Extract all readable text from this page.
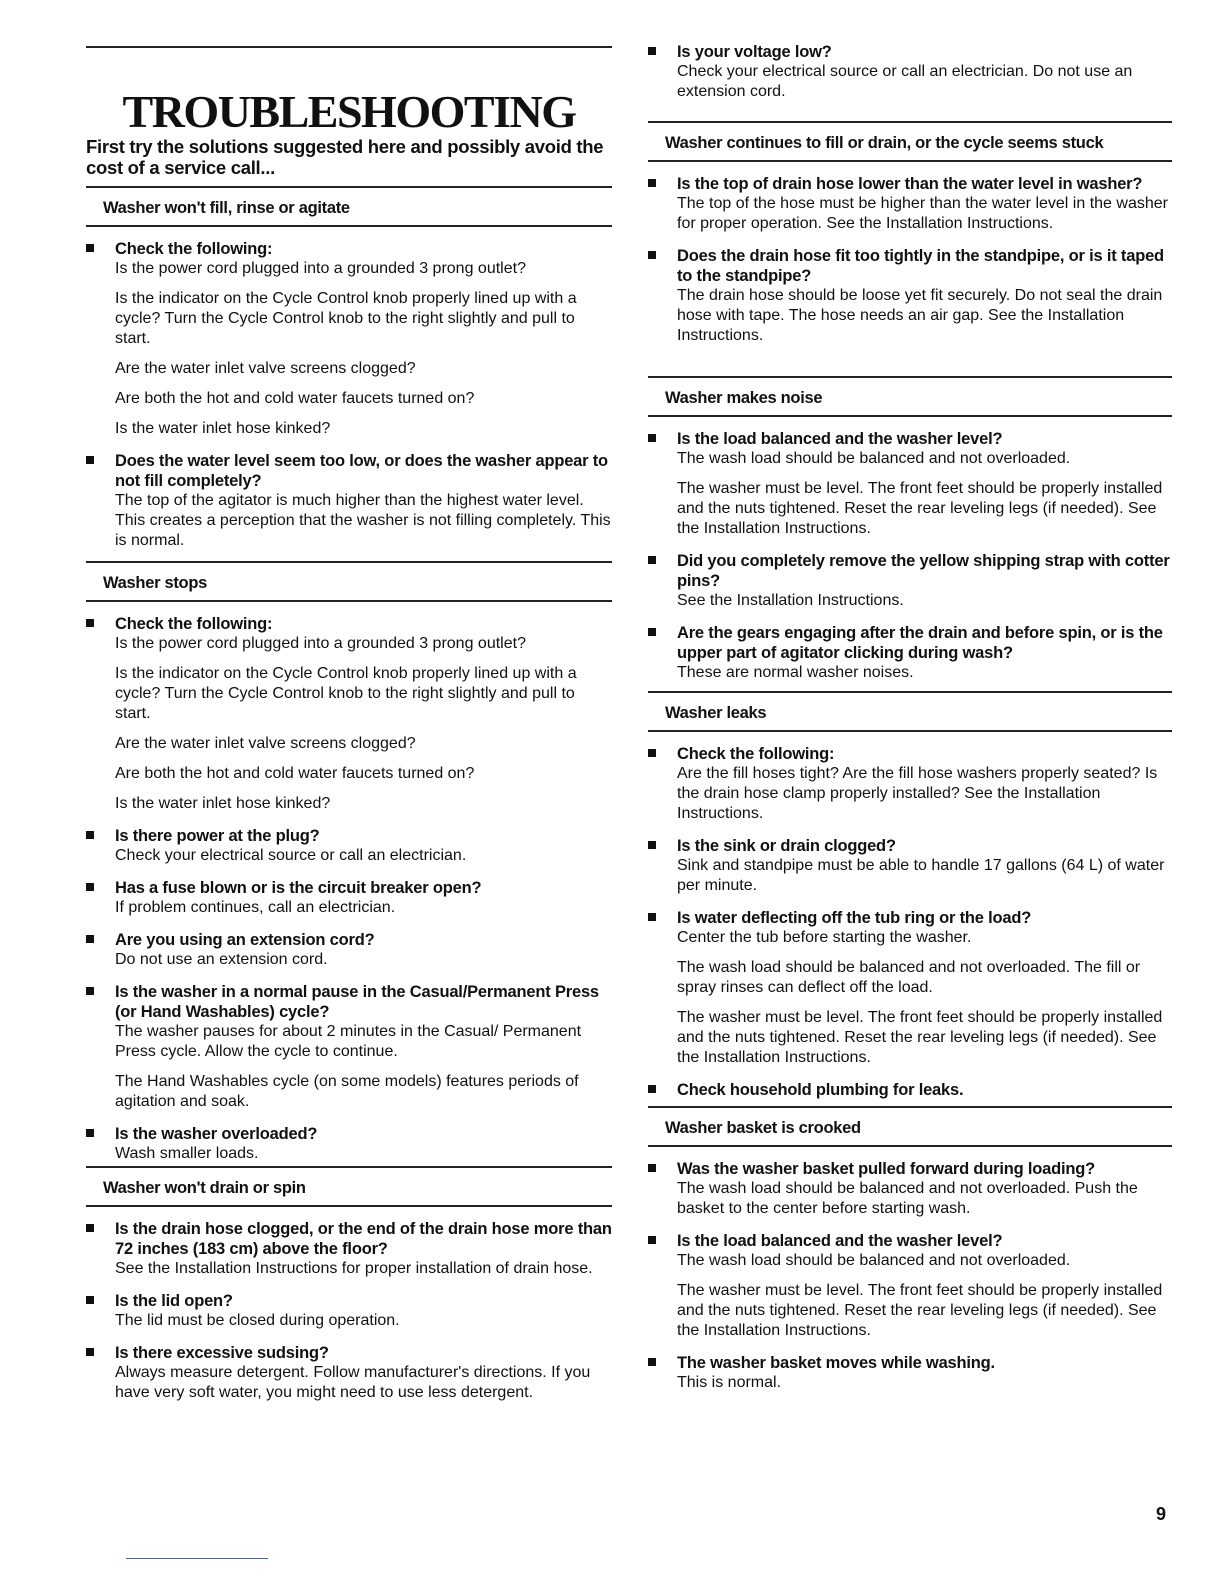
TROUBLESHOOTING
First try the solutions suggested here and possibly avoid the cost of a service call...
Washer won't fill, rinse or agitate
Check the following:
Is the power cord plugged into a grounded 3 prong outlet?
Is the indicator on the Cycle Control knob properly lined up with a cycle? Turn the Cycle Control knob to the right slightly and pull to start.
Are the water inlet valve screens clogged?
Are both the hot and cold water faucets turned on?
Is the water inlet hose kinked?
Does the water level seem too low, or does the washer appear to not fill completely?
The top of the agitator is much higher than the highest water level. This creates a perception that the washer is not filling completely. This is normal.
Washer stops
Check the following:
Is the power cord plugged into a grounded 3 prong outlet?
Is the indicator on the Cycle Control knob properly lined up with a cycle? Turn the Cycle Control knob to the right slightly and pull to start.
Are the water inlet valve screens clogged?
Are both the hot and cold water faucets turned on?
Is the water inlet hose kinked?
Is there power at the plug?
Check your electrical source or call an electrician.
Has a fuse blown or is the circuit breaker open?
If problem continues, call an electrician.
Are you using an extension cord?
Do not use an extension cord.
Is the washer in a normal pause in the Casual/Permanent Press (or Hand Washables) cycle?
The washer pauses for about 2 minutes in the Casual/ Permanent Press cycle. Allow the cycle to continue.
The Hand Washables cycle (on some models) features periods of agitation and soak.
Is the washer overloaded?
Wash smaller loads.
Washer won't drain or spin
Is the drain hose clogged, or the end of the drain hose more than 72 inches (183 cm) above the floor?
See the Installation Instructions for proper installation of drain hose.
Is the lid open?
The lid must be closed during operation.
Is there excessive sudsing?
Always measure detergent. Follow manufacturer's directions. If you have very soft water, you might need to use less detergent.
Is your voltage low?
Check your electrical source or call an electrician. Do not use an extension cord.
Washer continues to fill or drain, or the cycle seems stuck
Is the top of drain hose lower than the water level in washer?
The top of the hose must be higher than the water level in the washer for proper operation. See the Installation Instructions.
Does the drain hose fit too tightly in the standpipe, or is it taped to the standpipe?
The drain hose should be loose yet fit securely. Do not seal the drain hose with tape. The hose needs an air gap. See the Installation Instructions.
Washer makes noise
Is the load balanced and the washer level?
The wash load should be balanced and not overloaded.
The washer must be level. The front feet should be properly installed and the nuts tightened. Reset the rear leveling legs (if needed). See the Installation Instructions.
Did you completely remove the yellow shipping strap with cotter pins?
See the Installation Instructions.
Are the gears engaging after the drain and before spin, or is the upper part of agitator clicking during wash?
These are normal washer noises.
Washer leaks
Check the following:
Are the fill hoses tight? Are the fill hose washers properly seated? Is the drain hose clamp properly installed? See the Installation Instructions.
Is the sink or drain clogged?
Sink and standpipe must be able to handle 17 gallons (64 L) of water per minute.
Is water deflecting off the tub ring or the load?
Center the tub before starting the washer.
The wash load should be balanced and not overloaded. The fill or spray rinses can deflect off the load.
The washer must be level. The front feet should be properly installed and the nuts tightened. Reset the rear leveling legs (if needed). See the Installation Instructions.
Check household plumbing for leaks.
Washer basket is crooked
Was the washer basket pulled forward during loading?
The wash load should be balanced and not overloaded. Push the basket to the center before starting wash.
Is the load balanced and the washer level?
The wash load should be balanced and not overloaded.
The washer must be level. The front feet should be properly installed and the nuts tightened. Reset the rear leveling legs (if needed). See the Installation Instructions.
The washer basket moves while washing.
This is normal.
9
